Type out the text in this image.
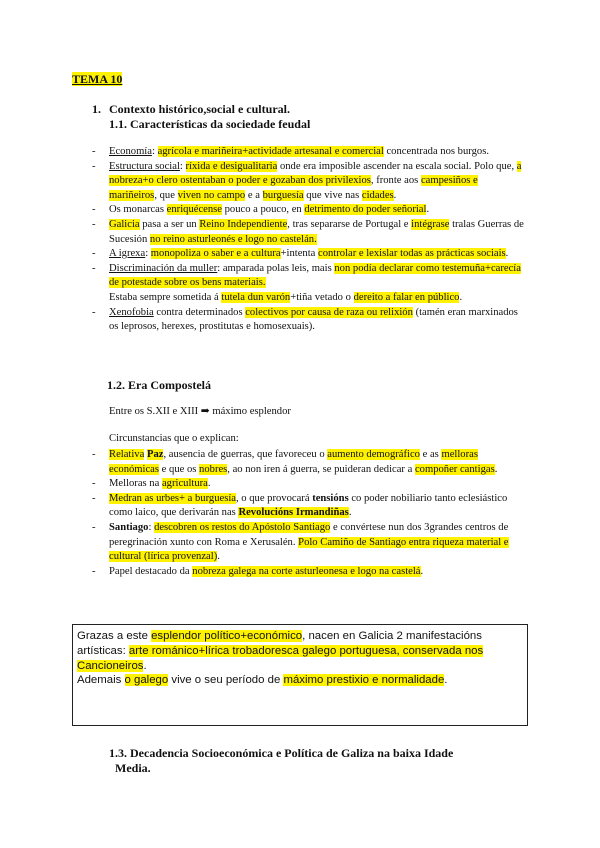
TEMA 10
1. Contexto histórico,social e cultural.
1.1. Características da sociedade feudal
- Economía: agrícola e mariñeira+actividade artesanal e comercial concentrada nos burgos.
- Estructura social: ríxida e desigualitaria onde era imposible ascender na escala social. Polo que, a nobreza+o clero ostentaban o poder e gozaban dos privilexios, fronte aos campesiños e mariñeiros, que viven no campo e a burguesía que vive nas cidades.
- Os monarcas enriquécense pouco a pouco, en detrimento do poder señorial.
- Galicia pasa a ser un Reino Independiente, tras separarse de Portugal e intégrase tralas Guerras de Sucesión no reino asturleonés e logo no castelán.
- A igrexa: monopoliza o saber e a cultura+intenta controlar e lexislar todas as prácticas sociais.
- Discriminación da muller: amparada polas leis, mais non podía declarar como testemuña+carecía de potestade sobre os bens materiais.
Estaba sempre sometida á tutela dun varón+tiña vetado o dereito a falar en público.
- Xenofobia contra determinados colectivos por causa de raza ou relixión (tamén eran marxinados os leprosos, herexes, prostitutas e homosexuais).
1.2. Era Compostelá
Entre os S.XII e XIII ➡ máximo esplendor
Circunstancias que o explican:
- Relativa Paz, ausencia de guerras, que favoreceu o aumento demográfico e as melloras económicas e que os nobres, ao non iren á guerra, se puideran dedicar a compoñer cantigas.
- Melloras na agricultura.
- Medran as urbes+ a burguesía, o que provocará tensións co poder nobiliario tanto eclesiástico como laico, que derivarán nas Revolucións Irmandiñas.
- Santiago: descobren os restos do Apóstolo Santiago e convértese nun dos 3grandes centros de peregrinación xunto con Roma e Xerusalén. Polo Camiño de Santiago entra riqueza material e cultural (lírica provenzal).
- Papel destacado da nobreza galega na corte asturleonesa e logo na castelá.
Grazas a este esplendor político+económico, nacen en Galicia 2 manifestacións artísticas: arte románico+lírica trobadoresca galego portuguesa, conservada nos Cancioneiros.
Ademais o galego vive o seu período de máximo prestixio e normalidade.
1.3. Decadencia Socioeconómica e Política de Galiza na baixa Idade
Media.
